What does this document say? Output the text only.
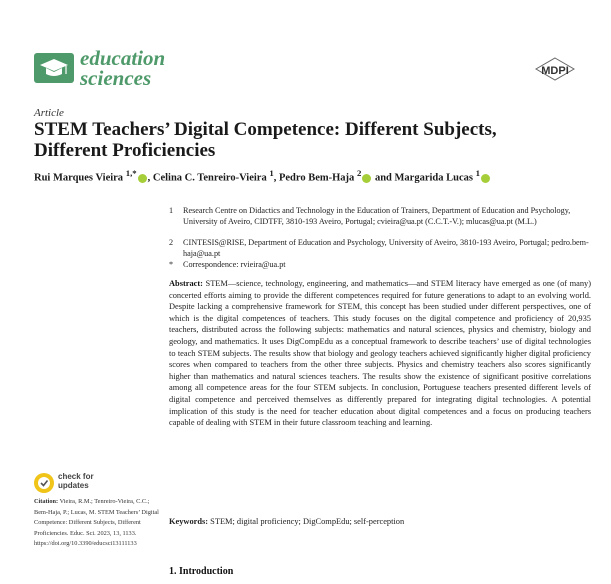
education
sciences	MDPI
Article
STEM Teachers’ Digital Competence: Different Subjects, Different Proficiencies
Rui Marques Vieira $^{1,*}$ , Celina C. Tenreiro-Vieira $^1$, Pedro Bem-Haja $^2$ and Margarida Lucas $^1$
1 Research Centre on Didactics and Technology in the Education of Trainers, Department of Education and Psychology, University of Aveiro, CIDTFF, 3810-193 Aveiro, Portugal; cvieira@ua.pt (C.C.T.-V.); mlucas@ua.pt (M.L.)
2 CINTESIS@RISE, Department of Education and Psychology, University of Aveiro, 3810-193 Aveiro, Portugal; pedro.bem-haja@ua.pt
* Correspondence: rvieira@ua.pt
Abstract: STEM—science, technology, engineering, and mathematics—and STEM literacy have emerged as one (of many) concerted efforts aiming to provide the different competences required for future generations to adapt to an evolving world. Despite lacking a comprehensive framework for STEM, this concept has been studied under different perspectives, one of which is the digital competences of teachers. This study focuses on the digital competence and proficiency of 20,935 teachers, distributed across the following subjects: mathematics and natural sciences, physics and chemistry, biology and geology, and mathematics. It uses DigCompEdu as a conceptual framework to describe teachers’ use of digital technologies to teach STEM subjects. The results show that biology and geology teachers achieved significantly higher digital proficiency scores when compared to teachers from the other three subjects. Physics and chemistry teachers also scores significantly higher than mathematics and natural sciences teachers. The results show the existence of significant positive correlations among all competence areas for the four STEM subjects. In conclusion, Portuguese teachers presented different levels of digital competence and perceived themselves as differently prepared for integrating digital technologies. A potential implication of this study is the need for teacher education about digital competences and a focus on producing teachers capable of dealing with STEM in their future classroom teaching and learning.
Keywords: STEM; digital proficiency; DigCompEdu; self-perception
check for
updates
Citation: Vieira, R.M.; Tenreiro-Vieira, C.C.; Bem-Haja, P.; Lucas, M. STEM Teachers’ Digital Competence: Different Subjects, Different Proficiencies. Educ. Sci. 2023, 13, 1133. https://doi.org/10.3390/educsci13111133
1. Introduction
